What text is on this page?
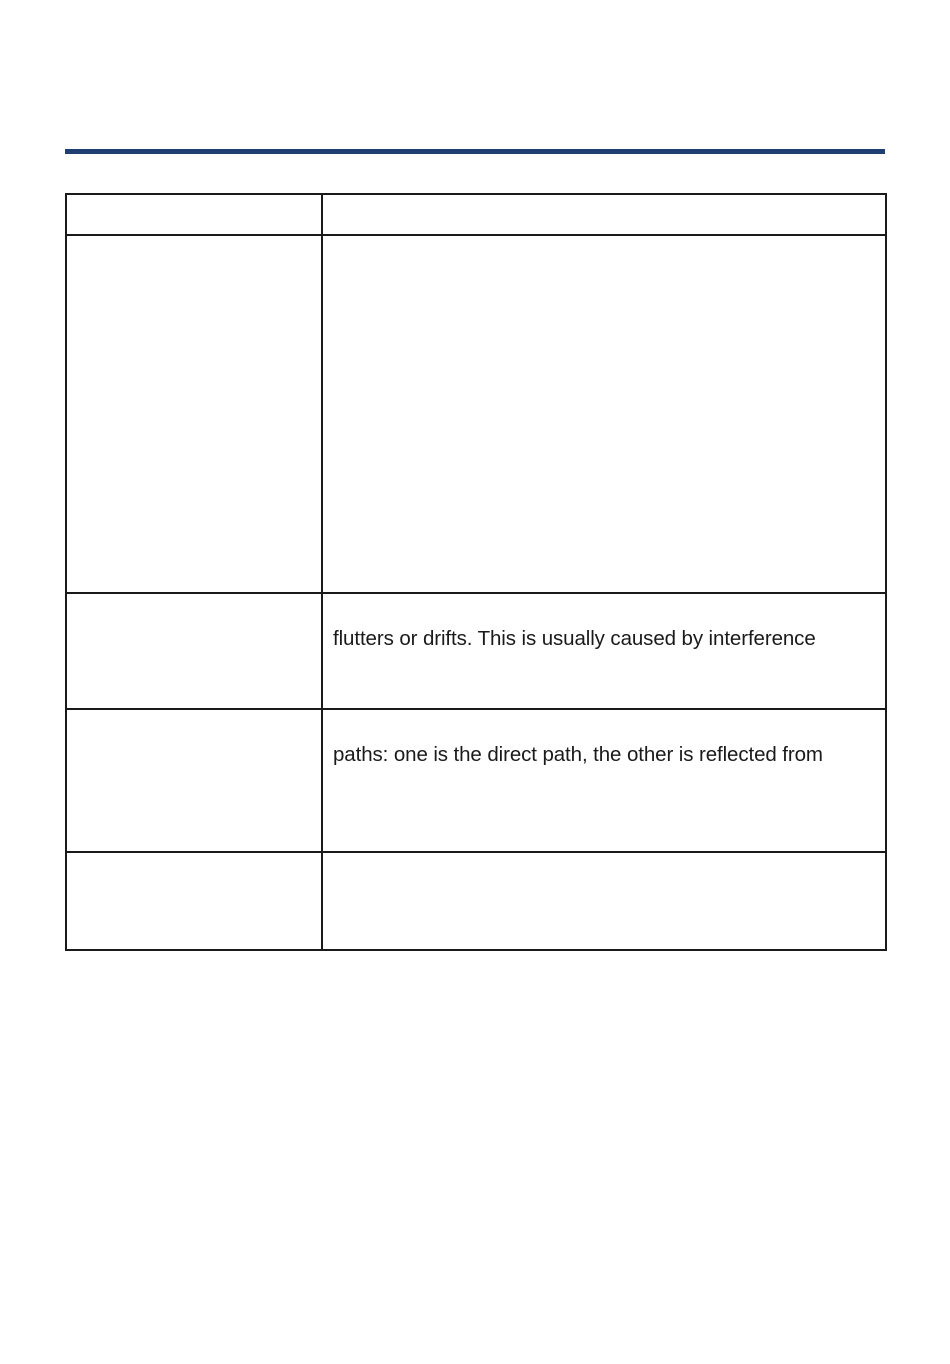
	flutters or drifts. This is usually caused by interference

	paths: one is the direct path, the other is reflected from
